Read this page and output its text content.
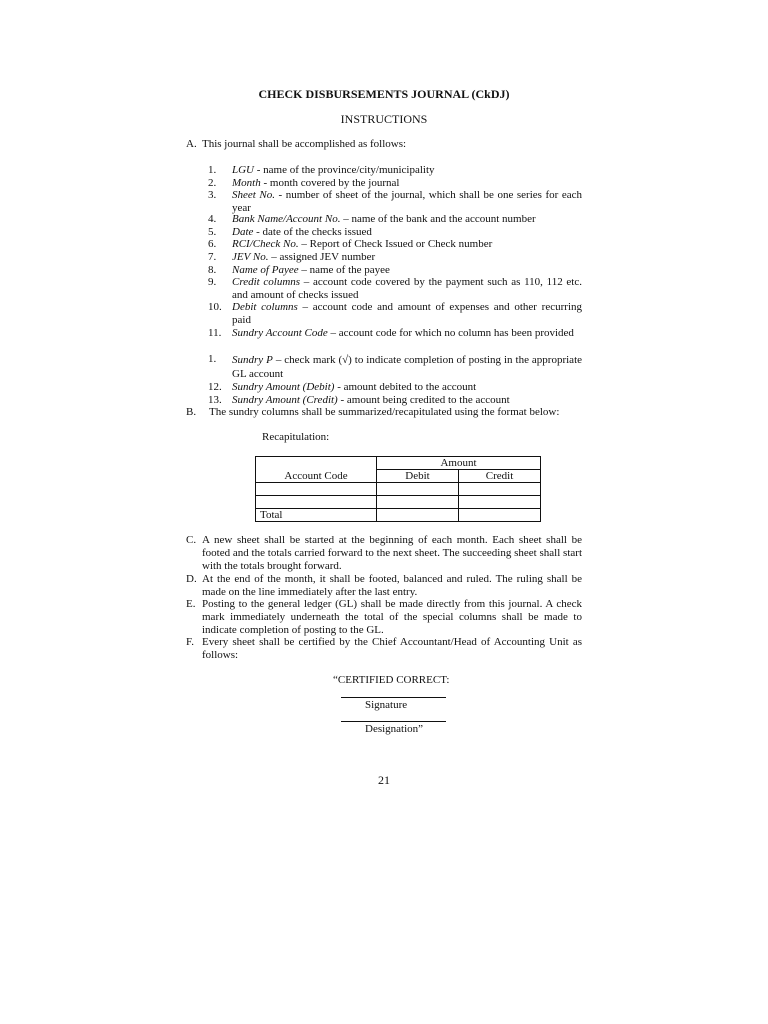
CHECK DISBURSEMENTS JOURNAL (CkDJ)
INSTRUCTIONS
A. This journal shall be accomplished as follows:
1.	LGU - name of the province/city/municipality
2.	Month - month covered by the journal
3.	Sheet No. - number of sheet of the journal, which shall be one series for each year
4.	Bank Name/Account No. – name of the bank and the account number
5.	Date - date of the checks issued
6.	RCI/Check No. – Report of Check Issued or Check number
7.	JEV No. – assigned JEV number
8.	Name of Payee – name of the payee
9.	Credit columns – account code covered by the payment such as 110, 112 etc. and amount of checks issued
10. Debit columns – account code and amount of expenses and other recurring paid
11. Sundry Account Code – account code for which no column has been provided
1.	Sundry P – check mark (√) to indicate completion of posting in the appropriate GL account
12. Sundry Amount (Debit) - amount debited to the account
13. Sundry Amount (Credit) - amount being credited to the account
B. The sundry columns shall be summarized/recapitulated using the format below:
Recapitulation:
Account Code	Amount	
	Debit	Credit

Total		
C. A new sheet shall be started at the beginning of each month. Each sheet shall be footed and the totals carried forward to the next sheet. The succeeding sheet shall start with the totals brought forward.
D. At the end of the month, it shall be footed, balanced and ruled. The ruling shall be made on the line immediately after the last entry.
E. Posting to the general ledger (GL) shall be made directly from this journal. A check mark immediately underneath the total of the special columns shall be made to indicate completion of posting to the GL.
F. Every sheet shall be certified by the Chief Accountant/Head of Accounting Unit as follows:
“CERTIFIED CORRECT:
Signature
Designation”
21
